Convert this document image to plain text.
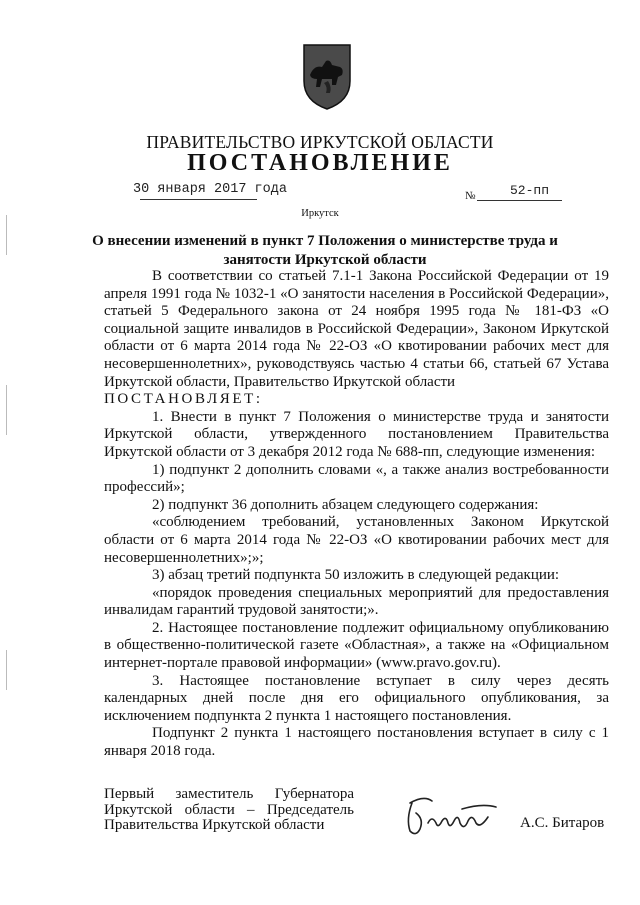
ПРАВИТЕЛЬСТВО ИРКУТСКОЙ ОБЛАСТИ
ПОСТАНОВЛЕНИЕ
30 января 2017 года	№	52-пп
Иркутск
О внесении изменений в пункт 7 Положения о министерстве труда и занятости Иркутской области

В соответствии со статьей 7.1-1 Закона Российской Федерации от 19 апреля 1991 года № 1032-1 «О занятости населения в Российской Федерации», статьей 5 Федерального закона от 24 ноября 1995 года № 181-ФЗ «О социальной защите инвалидов в Российской Федерации», Законом Иркутской области от 6 марта 2014 года № 22-ОЗ «О квотировании рабочих мест для несовершеннолетних», руководствуясь частью 4 статьи 66, статьей 67 Устава Иркутской области, Правительство Иркутской области

ПОСТАНОВЛЯЕТ:

1. Внести в пункт 7 Положения о министерстве труда и занятости Иркутской области, утвержденного постановлением Правительства Иркутской области от 3 декабря 2012 года № 688-пп, следующие изменения:

1) подпункт 2 дополнить словами «, а также анализ востребованности профессий»;

2) подпункт 36 дополнить абзацем следующего содержания:

«соблюдением требований, установленных Законом Иркутской области от 6 марта 2014 года № 22-ОЗ «О квотировании рабочих мест для несовершеннолетних»;»;

3) абзац третий подпункта 50 изложить в следующей редакции:

«порядок проведения специальных мероприятий для предоставления инвалидам гарантий трудовой занятости;».

2. Настоящее постановление подлежит официальному опубликованию в общественно-политической газете «Областная», а также на «Официальном интернет-портале правовой информации» (www.pravo.gov.ru).

3. Настоящее постановление вступает в силу через десять календарных дней после дня его официального опубликования, за исключением подпункта 2 пункта 1 настоящего постановления.

Подпункт 2 пункта 1 настоящего постановления вступает в силу с 1 января 2018 года.

Первый заместитель Губернатора
Иркутской области – Председатель
Правительства Иркутской области	А.С. Битаров
